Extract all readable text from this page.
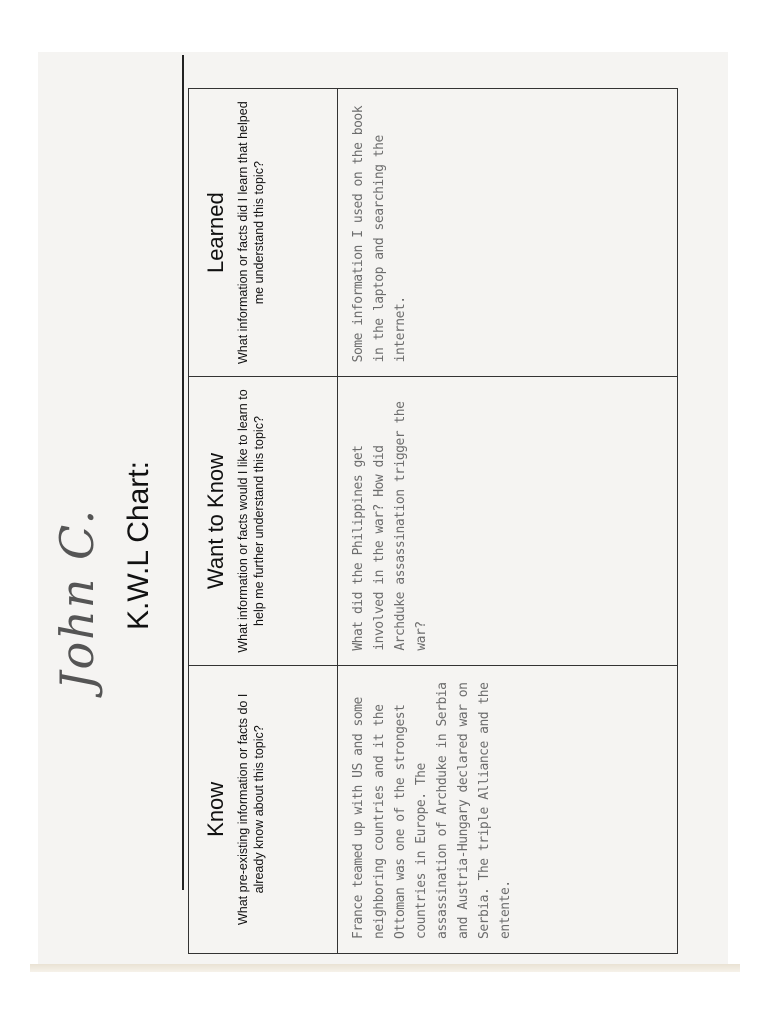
John C. K.W.L Chart:
Know What pre-existing information or facts do I already know about this topic?	Want to Know What information or facts would I like to learn to help me further understand this topic?	Learned What information or facts did I learn that helped me understand this topic?

France teamed up with US and some neighboring countries and it the Ottoman was one of the strongest countries in Europe. The assassination of Archduke in Serbia and Austria-Hungary declared war on Serbia. The triple Alliance and the entente.	What did the Philippines get involved in the war? How did Archduke assassination trigger the war?	Some information I used on the book in the laptop and searching the internet.
